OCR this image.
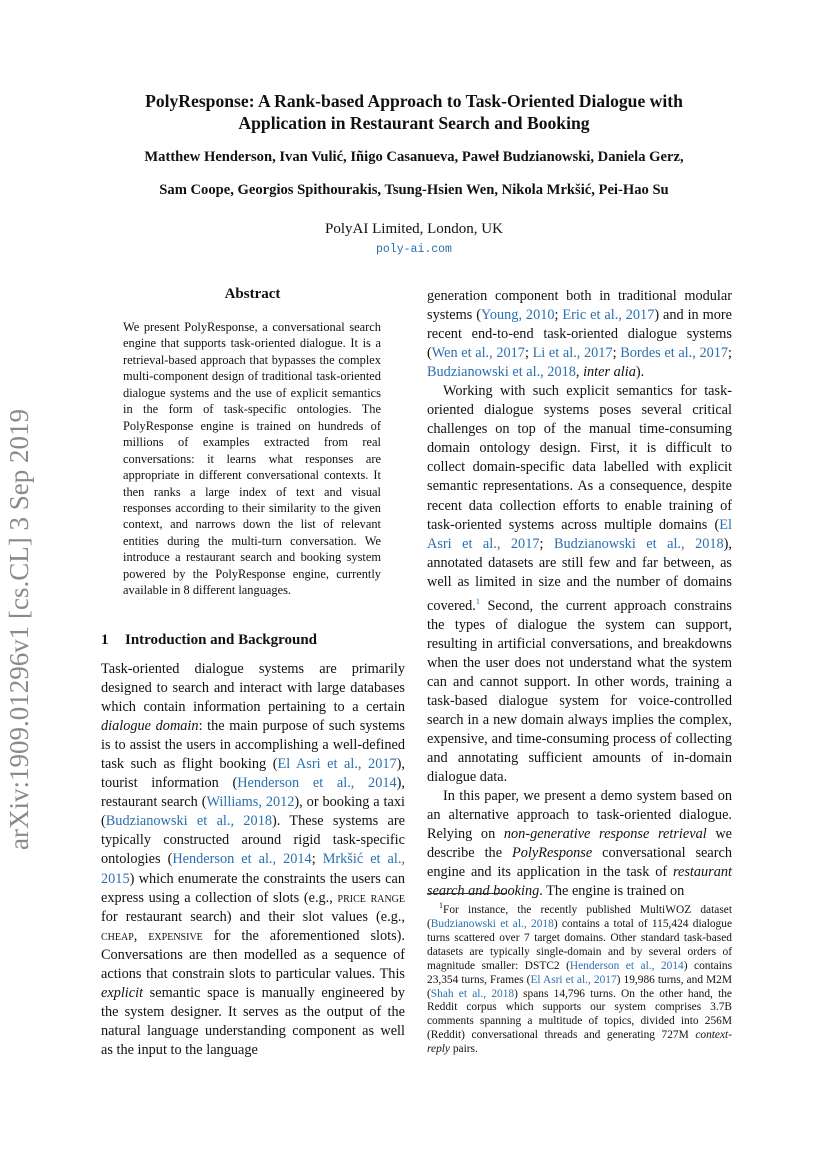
PolyResponse: A Rank-based Approach to Task-Oriented Dialogue with
Application in Restaurant Search and Booking
Matthew Henderson, Ivan Vulić, Iñigo Casanueva, Paweł Budzianowski, Daniela Gerz,
Sam Coope, Georgios Spithourakis, Tsung-Hsien Wen, Nikola Mrkšić, Pei-Hao Su
PolyAI Limited, London, UK
poly-ai.com
arXiv:1909.01296v1 [cs.CL] 3 Sep 2019
Abstract
We present PolyResponse, a conversational search engine that supports task-oriented dialogue. It is a retrieval-based approach that bypasses the complex multi-component design of traditional task-oriented dialogue systems and the use of explicit semantics in the form of task-specific ontologies. The PolyResponse engine is trained on hundreds of millions of examples extracted from real conversations: it learns what responses are appropriate in different conversational contexts. It then ranks a large index of text and visual responses according to their similarity to the given context, and narrows down the list of relevant entities during the multi-turn conversation. We introduce a restaurant search and booking system powered by the PolyResponse engine, currently available in 8 different languages.
1 Introduction and Background

Task-oriented dialogue systems are primarily designed to search and interact with large databases which contain information pertaining to a certain dialogue domain: the main purpose of such systems is to assist the users in accomplishing a well-defined task such as flight booking (El Asri et al., 2017), tourist information (Henderson et al., 2014), restaurant search (Williams, 2012), or booking a taxi (Budzianowski et al., 2018). These systems are typically constructed around rigid task-specific ontologies (Henderson et al., 2014; Mrkšić et al., 2015) which enumerate the constraints the users can express using a collection of slots (e.g., price range for restaurant search) and their slot values (e.g., cheap, expensive for the aforementioned slots). Conversations are then modelled as a sequence of actions that constrain slots to particular values. This explicit semantic space is manually engineered by the system designer. It serves as the output of the natural language understanding component as well as the input to the language

generation component both in traditional modular systems (Young, 2010; Eric et al., 2017) and in more recent end-to-end task-oriented dialogue systems (Wen et al., 2017; Li et al., 2017; Bordes et al., 2017; Budzianowski et al., 2018, inter alia).

Working with such explicit semantics for task-oriented dialogue systems poses several critical challenges on top of the manual time-consuming domain ontology design. First, it is difficult to collect domain-specific data labelled with explicit semantic representations. As a consequence, despite recent data collection efforts to enable training of task-oriented systems across multiple domains (El Asri et al., 2017; Budzianowski et al., 2018), annotated datasets are still few and far between, as well as limited in size and the number of domains covered.$^1$ Second, the current approach constrains the types of dialogue the system can support, resulting in artificial conversations, and breakdowns when the user does not understand what the system can and cannot support. In other words, training a task-based dialogue system for voice-controlled search in a new domain always implies the complex, expensive, and time-consuming process of collecting and annotating sufficient amounts of in-domain dialogue data.

In this paper, we present a demo system based on an alternative approach to task-oriented dialogue. Relying on non-generative response retrieval we describe the PolyResponse conversational search engine and its application in the task of restaurant search and booking. The engine is trained on

$^1$For instance, the recently published MultiWOZ dataset (Budzianowski et al., 2018) contains a total of 115,424 dialogue turns scattered over 7 target domains. Other standard task-based datasets are typically single-domain and by several orders of magnitude smaller: DSTC2 (Henderson et al., 2014) contains 23,354 turns, Frames (El Asri et al., 2017) 19,986 turns, and M2M (Shah et al., 2018) spans 14,796 turns. On the other hand, the Reddit corpus which supports our system comprises 3.7B comments spanning a multitude of topics, divided into 256M (Reddit) conversational threads and generating 727M context-reply pairs.
